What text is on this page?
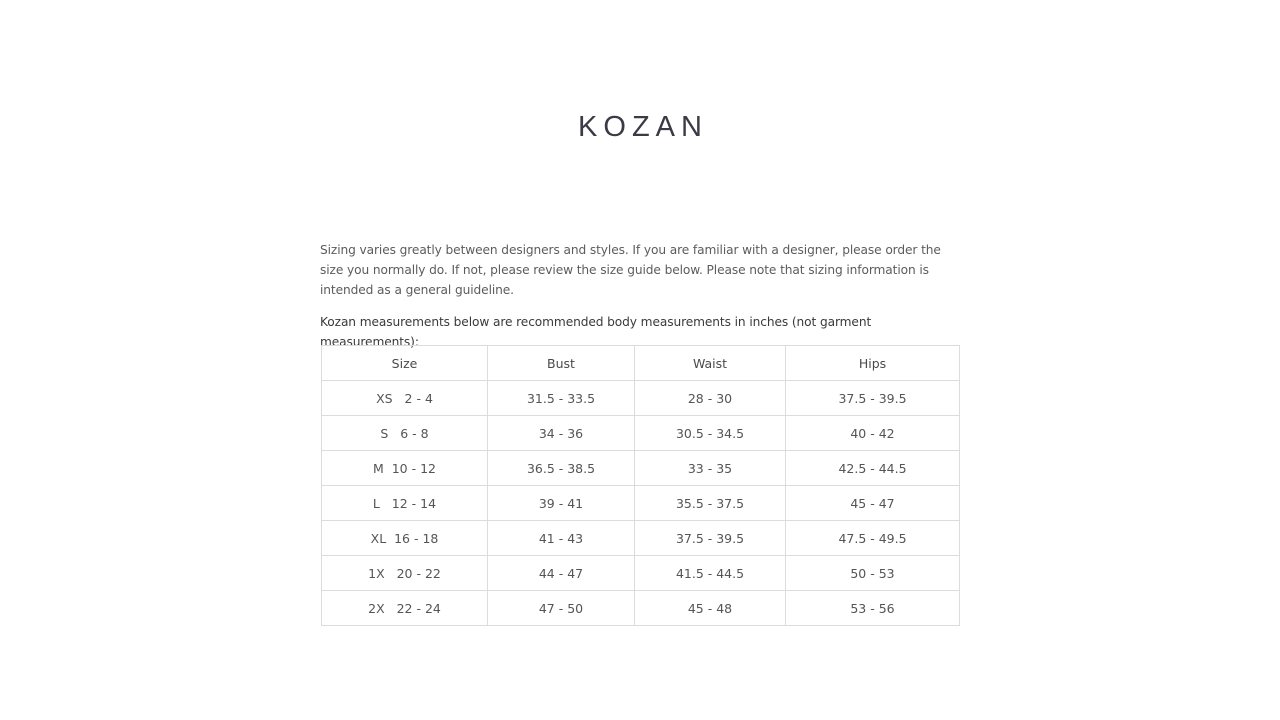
KOZAN

Sizing varies greatly between designers and styles. If you are familiar with a designer, please order the size you normally do. If not, please review the size guide below. Please note that sizing information is intended as a general guideline.

Kozan measurements below are recommended body measurements in inches (not garment measurements):

Size	Bust	Waist	Hips
XS   2 - 4	31.5 - 33.5	28 - 30	37.5 - 39.5
S   6 - 8	34 - 36	30.5 - 34.5	40 - 42
M  10 - 12	36.5 - 38.5	33 - 35	42.5 - 44.5
L   12 - 14	39 - 41	35.5 - 37.5	45 - 47
XL  16 - 18	41 - 43	37.5 - 39.5	47.5 - 49.5
1X   20 - 22	44 - 47	41.5 - 44.5	50 - 53
2X   22 - 24	47 - 50	45 - 48	53 - 56
